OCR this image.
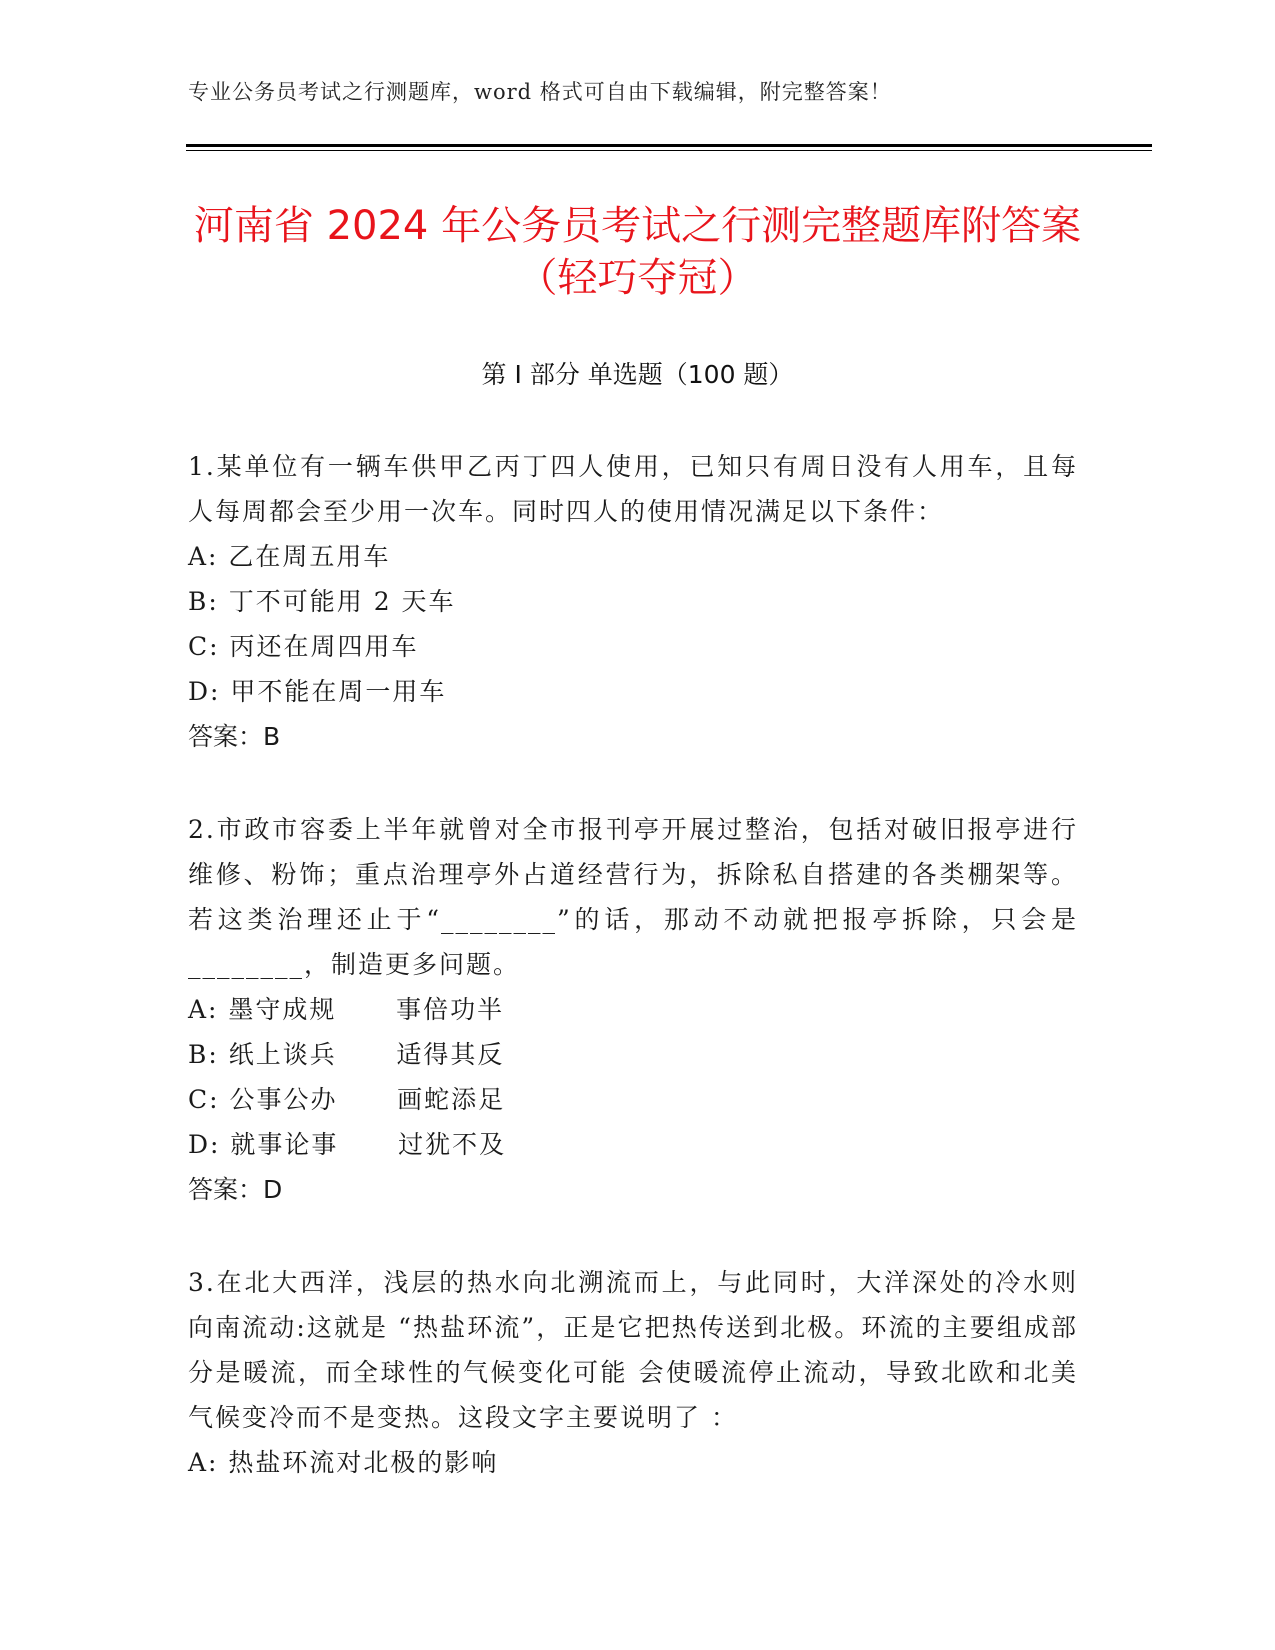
专业公务员考试之行测题库，word 格式可自由下载编辑，附完整答案！
河南省 2024 年公务员考试之行测完整题库附答案（轻巧夺冠）
第 I 部分 单选题（100 题）

1.某单位有一辆车供甲乙丙丁四人使用，已知只有周日没有人用车，且每人每周都会至少用一次车。同时四人的使用情况满足以下条件：

A: 乙在周五用车

B: 丁不可能用 2 天车

C: 丙还在周四用车

D: 甲不能在周一用车

答案：B

2.市政市容委上半年就曾对全市报刊亭开展过整治，包括对破旧报亭进行维修、粉饰；重点治理亭外占道经营行为，拆除私自搭建的各类棚架等。若这类治理还止于“________”的话，那动不动就把报亭拆除，只会是________，制造更多问题。

A: 墨守成规      事倍功半

B: 纸上谈兵      适得其反

C: 公事公办      画蛇添足

D: 就事论事      过犹不及

答案：D

3.在北大西洋，浅层的热水向北溯流而上，与此同时，大洋深处的冷水则向南流动:这就是 “热盐环流”，正是它把热传送到北极。环流的主要组成部分是暖流，而全球性的气候变化可能 会使暖流停止流动，导致北欧和北美气候变冷而不是变热。这段文字主要说明了 ：

A: 热盐环流对北极的影响
